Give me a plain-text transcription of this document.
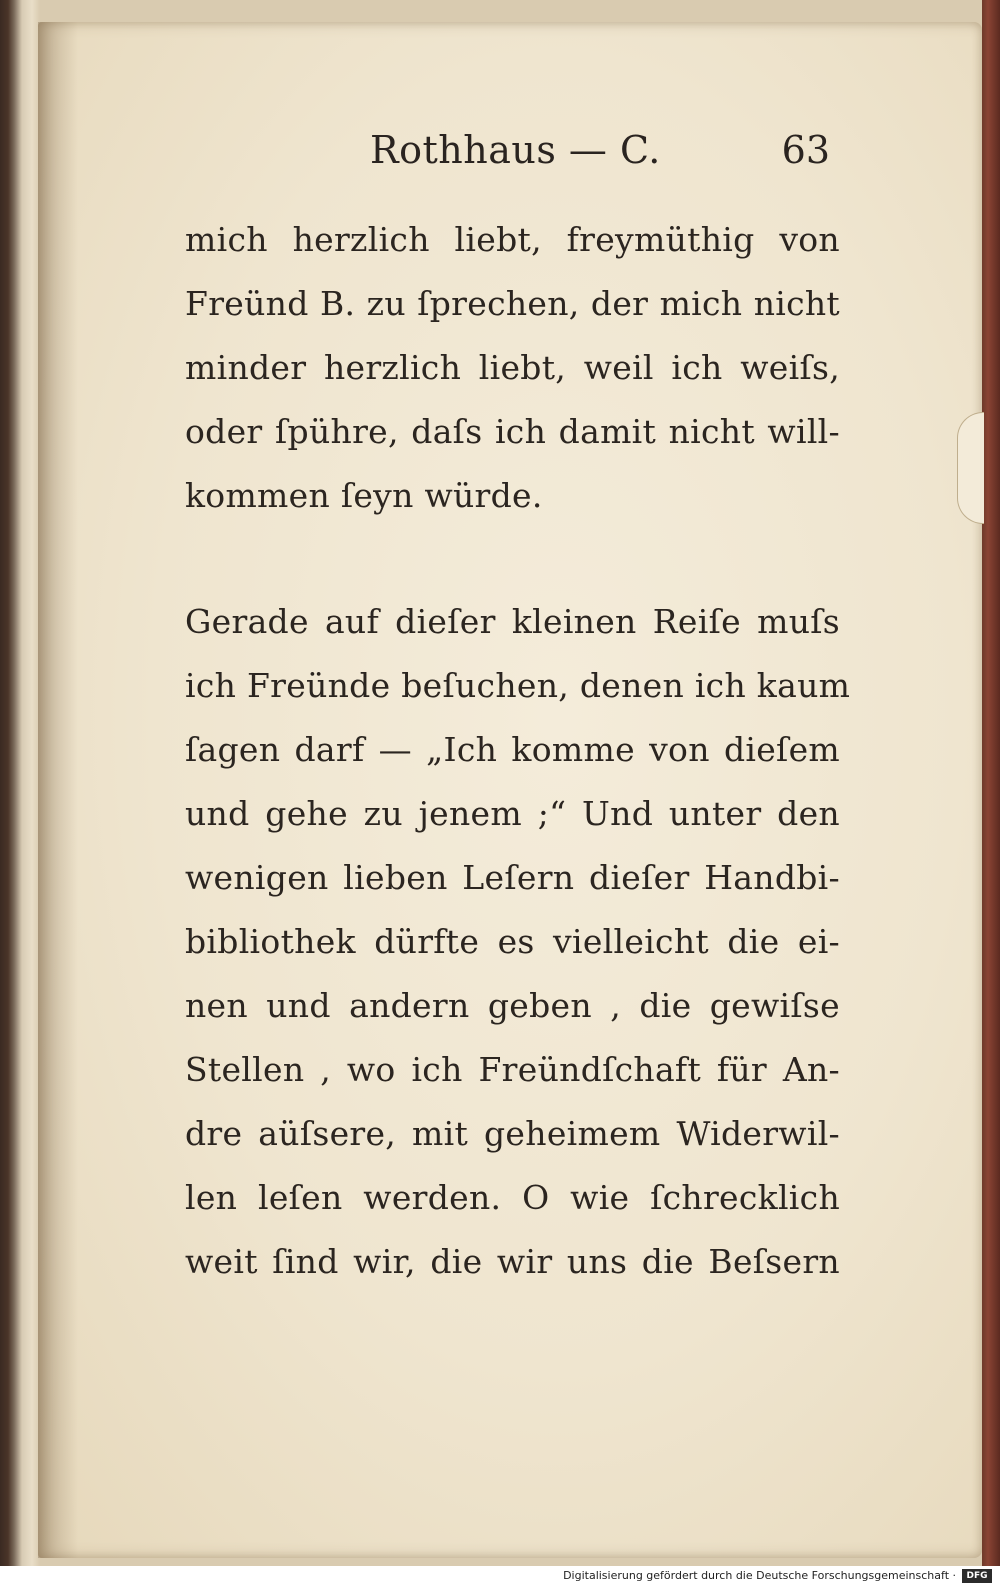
Rothhaus — C.	63
mich herzlich liebt, freymüthig von
Freünd B. zu ſprechen, der mich nicht
minder herzlich liebt, weil ich weiſs,
oder ſpühre, daſs ich damit nicht will-
kommen ſeyn würde.
Gerade auf dieſer kleinen Reiſe muſs
ich Freünde beſuchen, denen ich kaum
ſagen darf — „Ich komme von dieſem
und gehe zu jenem ;“ Und unter den
wenigen lieben Leſern dieſer Handbi-
bibliothek dürfte es vielleicht die ei-
nen und andern geben , die gewiſse
Stellen , wo ich Freündſchaft für An-
dre aüſsere, mit geheimem Widerwil-
len leſen werden. O wie ſchrecklich
weit ſind wir, die wir uns die Beſsern
Digitalisierung gefördert durch die Deutsche Forschungsgemeinschaft ·	DFG
